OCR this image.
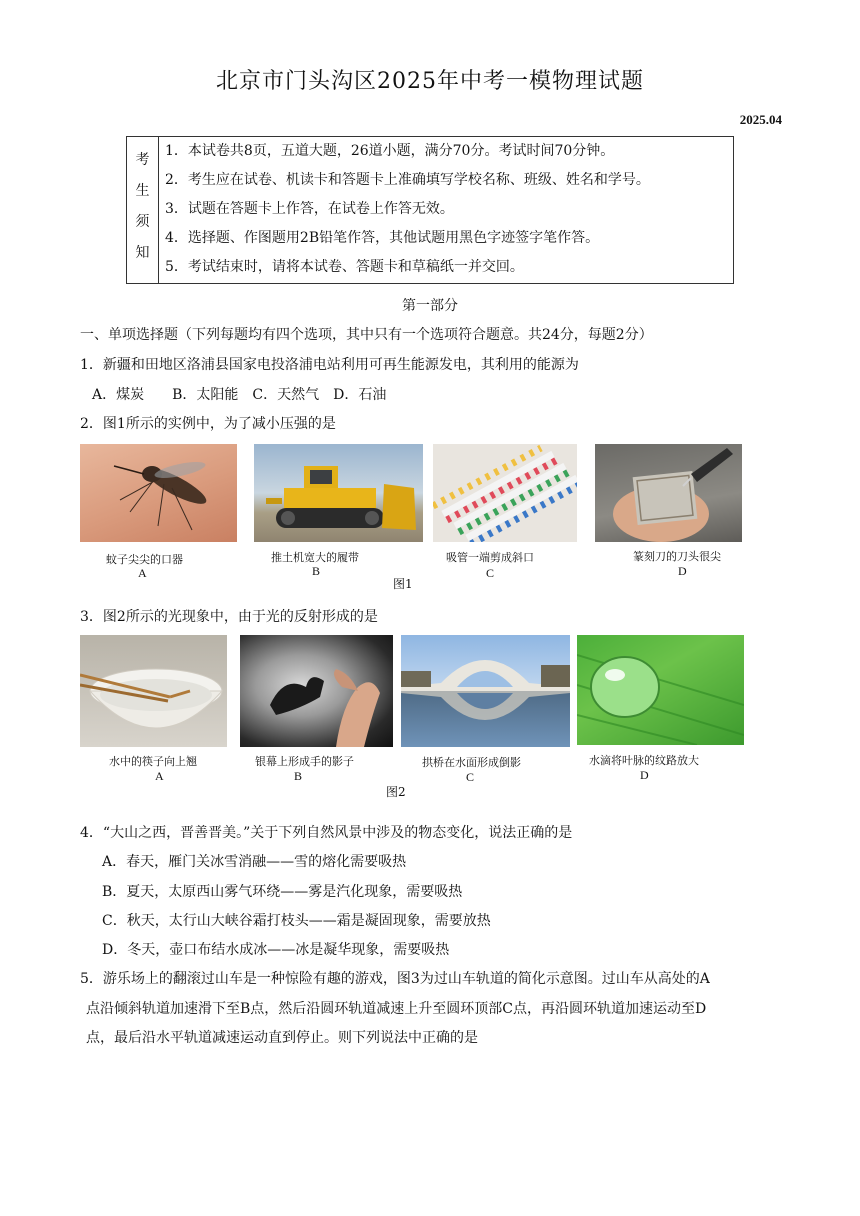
北京市门头沟区2025年中考一模物理试题
2025.04
考
生
须
知
1．本试卷共8页，五道大题，26道小题，满分70分。考试时间70分钟。
2．考生应在试卷、机读卡和答题卡上准确填写学校名称、班级、姓名和学号。
3．试题在答题卡上作答，在试卷上作答无效。
4．选择题、作图题用2B铅笔作答，其他试题用黑色字迹签字笔作答。
5．考试结束时，请将本试卷、答题卡和草稿纸一并交回。
第一部分
一、单项选择题（下列每题均有四个选项，其中只有一个选项符合题意。共24分，每题2分）
1．新疆和田地区洛浦县国家电投洛浦电站利用可再生能源发电，其利用的能源为
A．煤炭　　B．太阳能　C．天然气　D．石油
2．图1所示的实例中，为了减小压强的是
蚊子尖尖的口器
A
推土机宽大的履带
B
吸管一端剪成斜口
C
篆刻刀的刀头很尖
D
图1
3．图2所示的光现象中，由于光的反射形成的是
水中的筷子向上翘
A
银幕上形成手的影子
B
拱桥在水面形成倒影
C
水滴将叶脉的纹路放大
D
图2
4．“大山之西，晋善晋美。”关于下列自然风景中涉及的物态变化，说法正确的是
A．春天，雁门关冰雪消融——雪的熔化需要吸热
B．夏天，太原西山雾气环绕——雾是汽化现象，需要吸热
C．秋天，太行山大峡谷霜打枝头——霜是凝固现象，需要放热
D．冬天，壶口布结水成冰——冰是凝华现象，需要吸热
5．游乐场上的翻滚过山车是一种惊险有趣的游戏，图3为过山车轨道的简化示意图。过山车从高处的A
点沿倾斜轨道加速滑下至B点，然后沿圆环轨道减速上升至圆环顶部C点，再沿圆环轨道加速运动至D
点，最后沿水平轨道减速运动直到停止。则下列说法中正确的是
